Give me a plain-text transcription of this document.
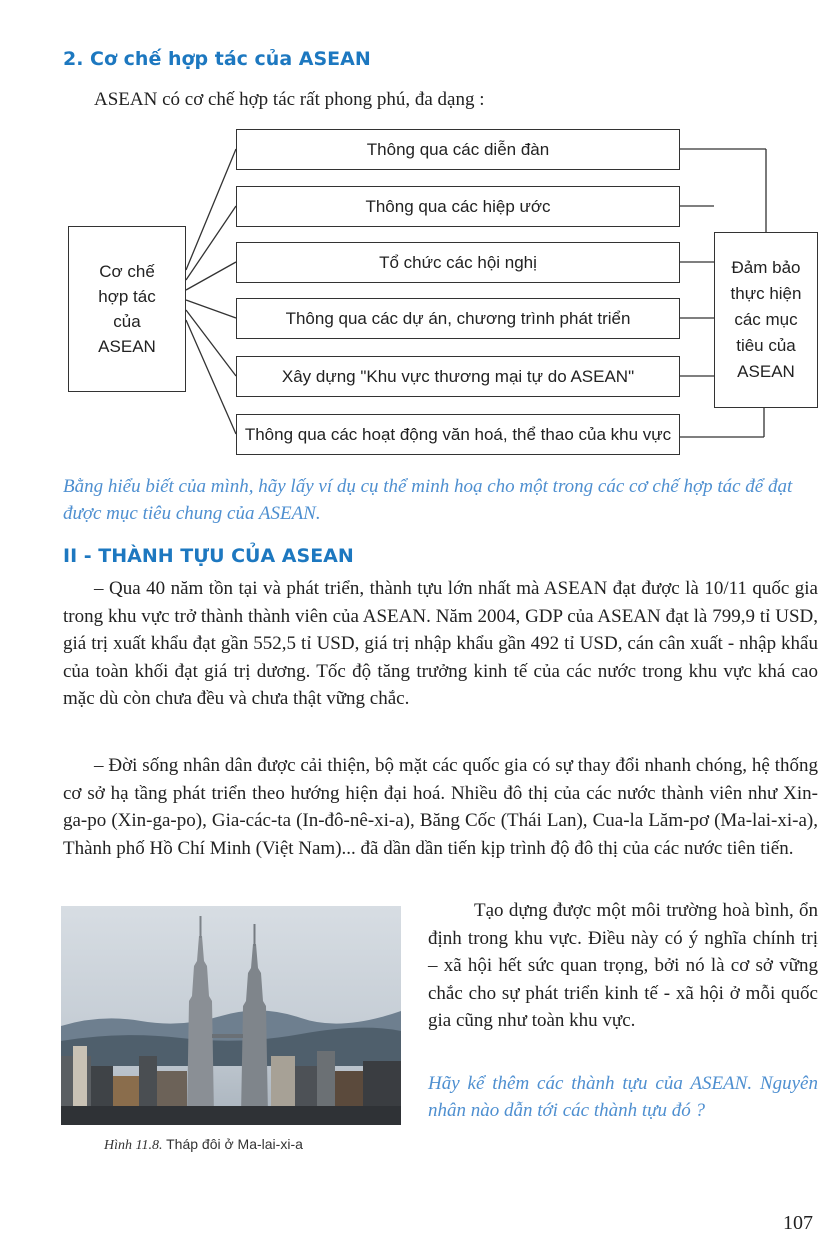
2. Cơ chế hợp tác của ASEAN
ASEAN có cơ chế hợp tác rất phong phú, đa dạng :
Cơ chế
hợp tác
của
ASEAN
Thông qua các diễn đàn
Thông qua các hiệp ước
Tổ chức các hội nghị
Thông qua các dự án, chương trình phát triển
Xây dựng "Khu vực thương mại tự do ASEAN"
Thông qua các hoạt động văn hoá, thể thao của khu vực
Đảm bảo
thực hiện
các mục
tiêu của
ASEAN
Bằng hiểu biết của mình, hãy lấy ví dụ cụ thể minh hoạ cho một trong các cơ chế hợp tác để đạt được mục tiêu chung của ASEAN.
II - THÀNH TỰU CỦA ASEAN
– Qua 40 năm tồn tại và phát triển, thành tựu lớn nhất mà ASEAN đạt được là 10/11 quốc gia trong khu vực trở thành thành viên của ASEAN. Năm 2004, GDP của ASEAN đạt là 799,9 tỉ USD, giá trị xuất khẩu đạt gần 552,5 tỉ USD, giá trị nhập khẩu gần 492 tỉ USD, cán cân xuất - nhập khẩu của toàn khối đạt giá trị dương. Tốc độ tăng trưởng kinh tế của các nước trong khu vực khá cao mặc dù còn chưa đều và chưa thật vững chắc.
– Đời sống nhân dân được cải thiện, bộ mặt các quốc gia có sự thay đổi nhanh chóng, hệ thống cơ sở hạ tầng phát triển theo hướng hiện đại hoá. Nhiều đô thị của các nước thành viên như Xin-ga-po (Xin-ga-po), Gia-các-ta (In-đô-nê-xi-a), Băng Cốc (Thái Lan), Cua-la Lăm-pơ (Ma-lai-xi-a), Thành phố Hồ Chí Minh (Việt Nam)... đã dần dần tiến kịp trình độ đô thị của các nước tiên tiến.
Hình 11.8. Tháp đôi ở Ma-lai-xi-a
Tạo dựng được một môi trường hoà bình, ổn định trong khu vực. Điều này có ý nghĩa chính trị – xã hội hết sức quan trọng, bởi nó là cơ sở vững chắc cho sự phát triển kinh tế - xã hội ở mỗi quốc gia cũng như toàn khu vực.
Hãy kể thêm các thành tựu của ASEAN. Nguyên nhân nào dẫn tới các thành tựu đó ?
107
